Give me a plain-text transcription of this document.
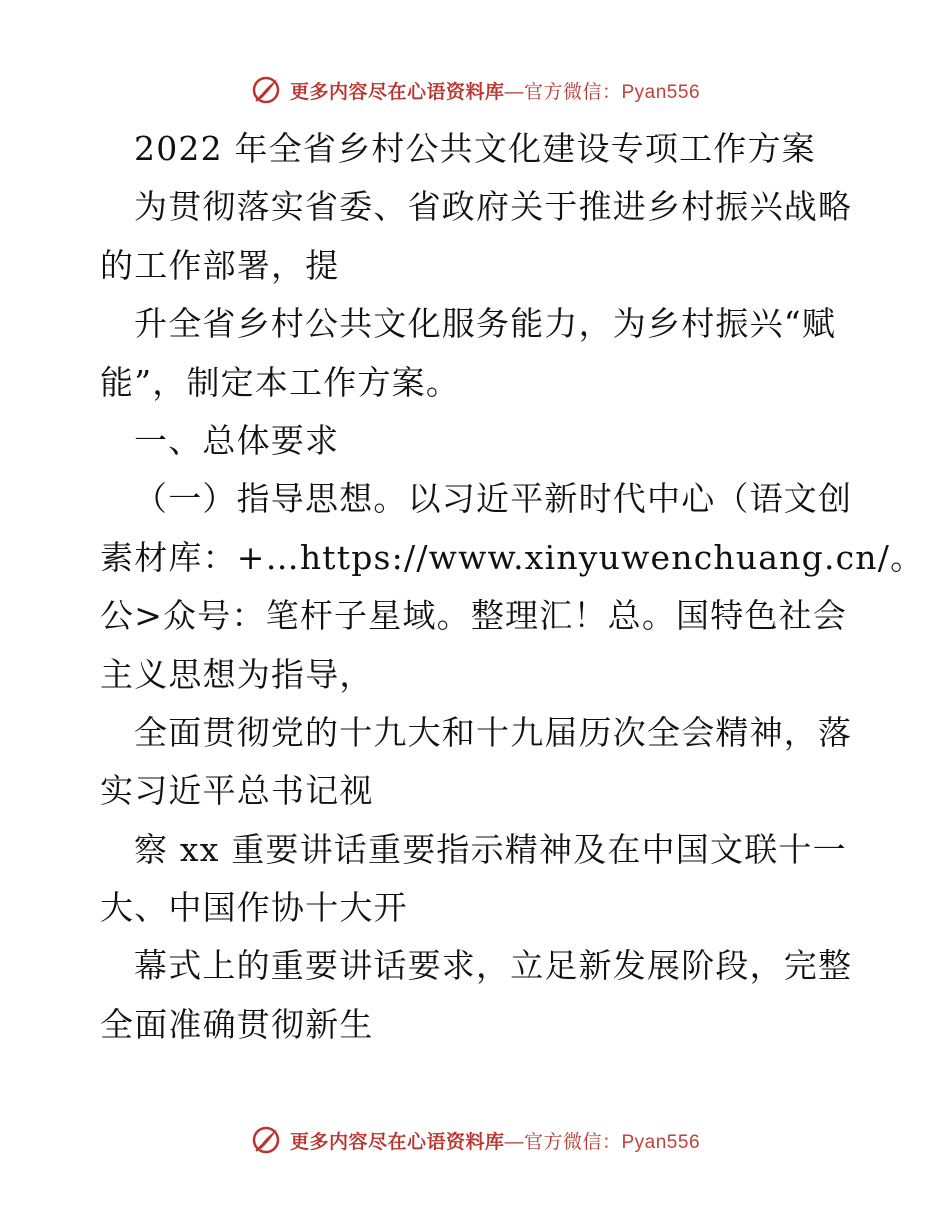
更多内容尽在心语资料库—官方微信：Pyan556
2022 年全省乡村公共文化建设专项工作方案
为贯彻落实省委、省政府关于推进乡村振兴战略
的工作部署，提
升全省乡村公共文化服务能力，为乡村振兴“赋
能”，制定本工作方案。
一、总体要求
（一）指导思想。以习近平新时代中心（语文创
素材库：+…https://www.xinyuwenchuang.cn/。
公>众号：笔杆子星域。整理汇！总。国特色社会
主义思想为指导，
全面贯彻党的十九大和十九届历次全会精神，落
实习近平总书记视
察 xx 重要讲话重要指示精神及在中国文联十一
大、中国作协十大开
幕式上的重要讲话要求，立足新发展阶段，完整
全面准确贯彻新生
更多内容尽在心语资料库—官方微信：Pyan556
